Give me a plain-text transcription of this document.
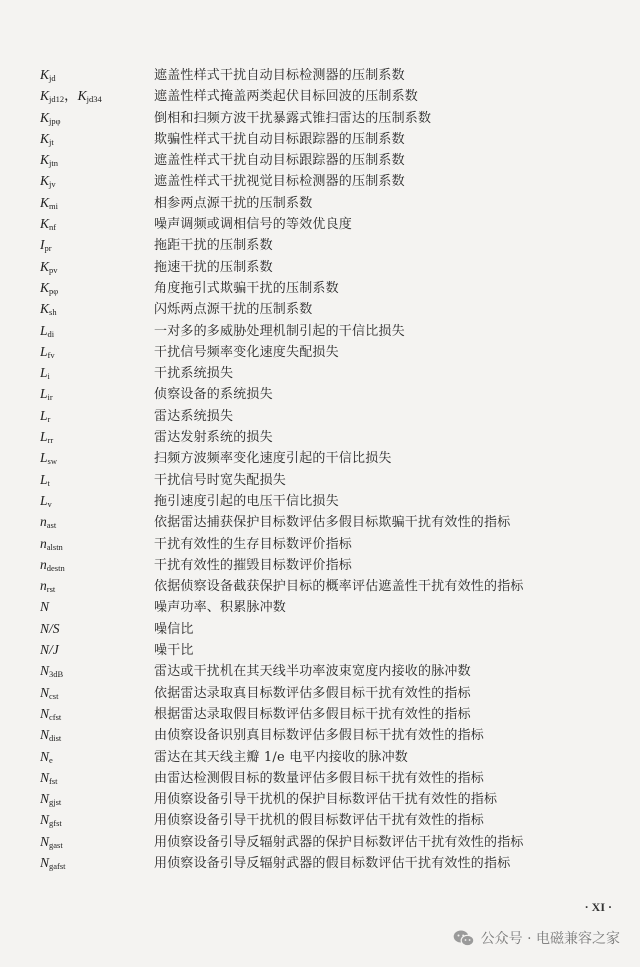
$K_{jd}$	遮盖性样式干扰自动目标检测器的压制系数
$K_{jd12}$，$K_{jd34}$	遮盖性样式掩盖两类起伏目标回波的压制系数
$K_{jp\varphi}$	倒相和扫频方波干扰暴露式锥扫雷达的压制系数
$K_{jt}$	欺骗性样式干扰自动目标跟踪器的压制系数
$K_{jtn}$	遮盖性样式干扰自动目标跟踪器的压制系数
$K_{jv}$	遮盖性样式干扰视觉目标检测器的压制系数
$K_{mi}$	相参两点源干扰的压制系数
$K_{nf}$	噪声调频或调相信号的等效优良度
$I_{pr}$	拖距干扰的压制系数
$K_{pv}$	拖速干扰的压制系数
$K_{p\varphi}$	角度拖引式欺骗干扰的压制系数
$K_{sh}$	闪烁两点源干扰的压制系数
$L_{di}$	一对多的多威胁处理机制引起的干信比损失
$L_{fv}$	干扰信号频率变化速度失配损失
$L_i$	干扰系统损失
$L_{ir}$	侦察设备的系统损失
$L_r$	雷达系统损失
$L_{rr}$	雷达发射系统的损失
$L_{sw}$	扫频方波频率变化速度引起的干信比损失
$L_t$	干扰信号时宽失配损失
$L_v$	拖引速度引起的电压干信比损失
$n_{ast}$	依据雷达捕获保护目标数评估多假目标欺骗干扰有效性的指标
$n_{alstn}$	干扰有效性的生存目标数评价指标
$n_{destn}$	干扰有效性的摧毁目标数评价指标
$n_{rst}$	依据侦察设备截获保护目标的概率评估遮盖性干扰有效性的指标
N	噪声功率、积累脉冲数
N/S	噪信比
N/J	噪干比
$N_{3dB}$	雷达或干扰机在其天线半功率波束宽度内接收的脉冲数
$N_{cst}$	依据雷达录取真目标数评估多假目标干扰有效性的指标
$N_{cfst}$	根据雷达录取假目标数评估多假目标干扰有效性的指标
$N_{dist}$	由侦察设备识别真目标数评估多假目标干扰有效性的指标
$N_e$	雷达在其天线主瓣 1/e 电平内接收的脉冲数
$N_{fst}$	由雷达检测假目标的数量评估多假目标干扰有效性的指标
$N_{gjst}$	用侦察设备引导干扰机的保护目标数评估干扰有效性的指标
$N_{gfst}$	用侦察设备引导干扰机的假目标数评估干扰有效性的指标
$N_{gast}$	用侦察设备引导反辐射武器的保护目标数评估干扰有效性的指标
$N_{gafst}$	用侦察设备引导反辐射武器的假目标数评估干扰有效性的指标
· XI ·
公众号 · 电磁兼容之家
